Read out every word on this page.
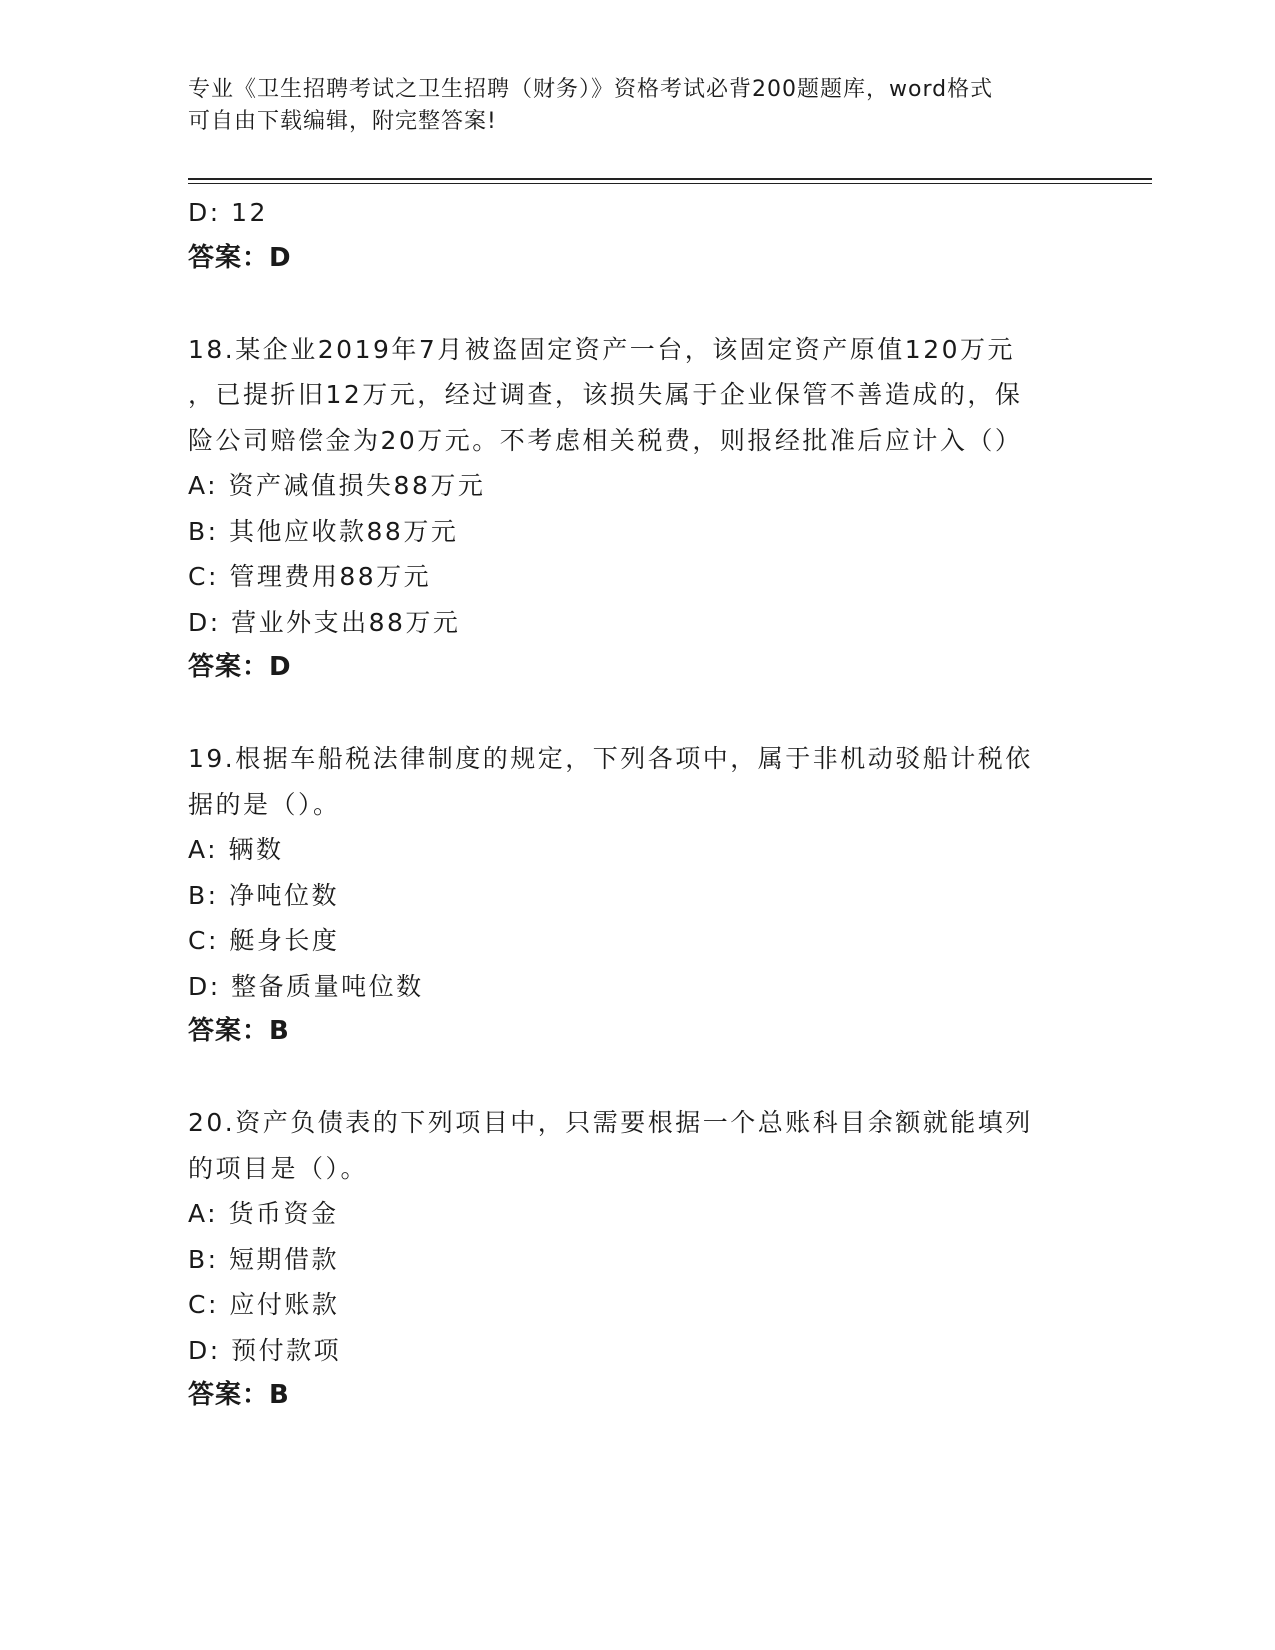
专业《卫生招聘考试之卫生招聘（财务）》资格考试必背200题题库，word格式
可自由下载编辑，附完整答案!
D: 12
答案：D
18.某企业2019年7月被盗固定资产一台，该固定资产原值120万元
，已提折旧12万元，经过调查，该损失属于企业保管不善造成的，保
险公司赔偿金为20万元。不考虑相关税费，则报经批准后应计入（）
A: 资产减值损失88万元
B: 其他应收款88万元
C: 管理费用88万元
D: 营业外支出88万元
答案：D
19.根据车船税法律制度的规定，下列各项中，属于非机动驳船计税依
据的是（）。
A: 辆数
B: 净吨位数
C: 艇身长度
D: 整备质量吨位数
答案：B
20.资产负债表的下列项目中，只需要根据一个总账科目余额就能填列
的项目是（）。
A: 货币资金
B: 短期借款
C: 应付账款
D: 预付款项
答案：B
